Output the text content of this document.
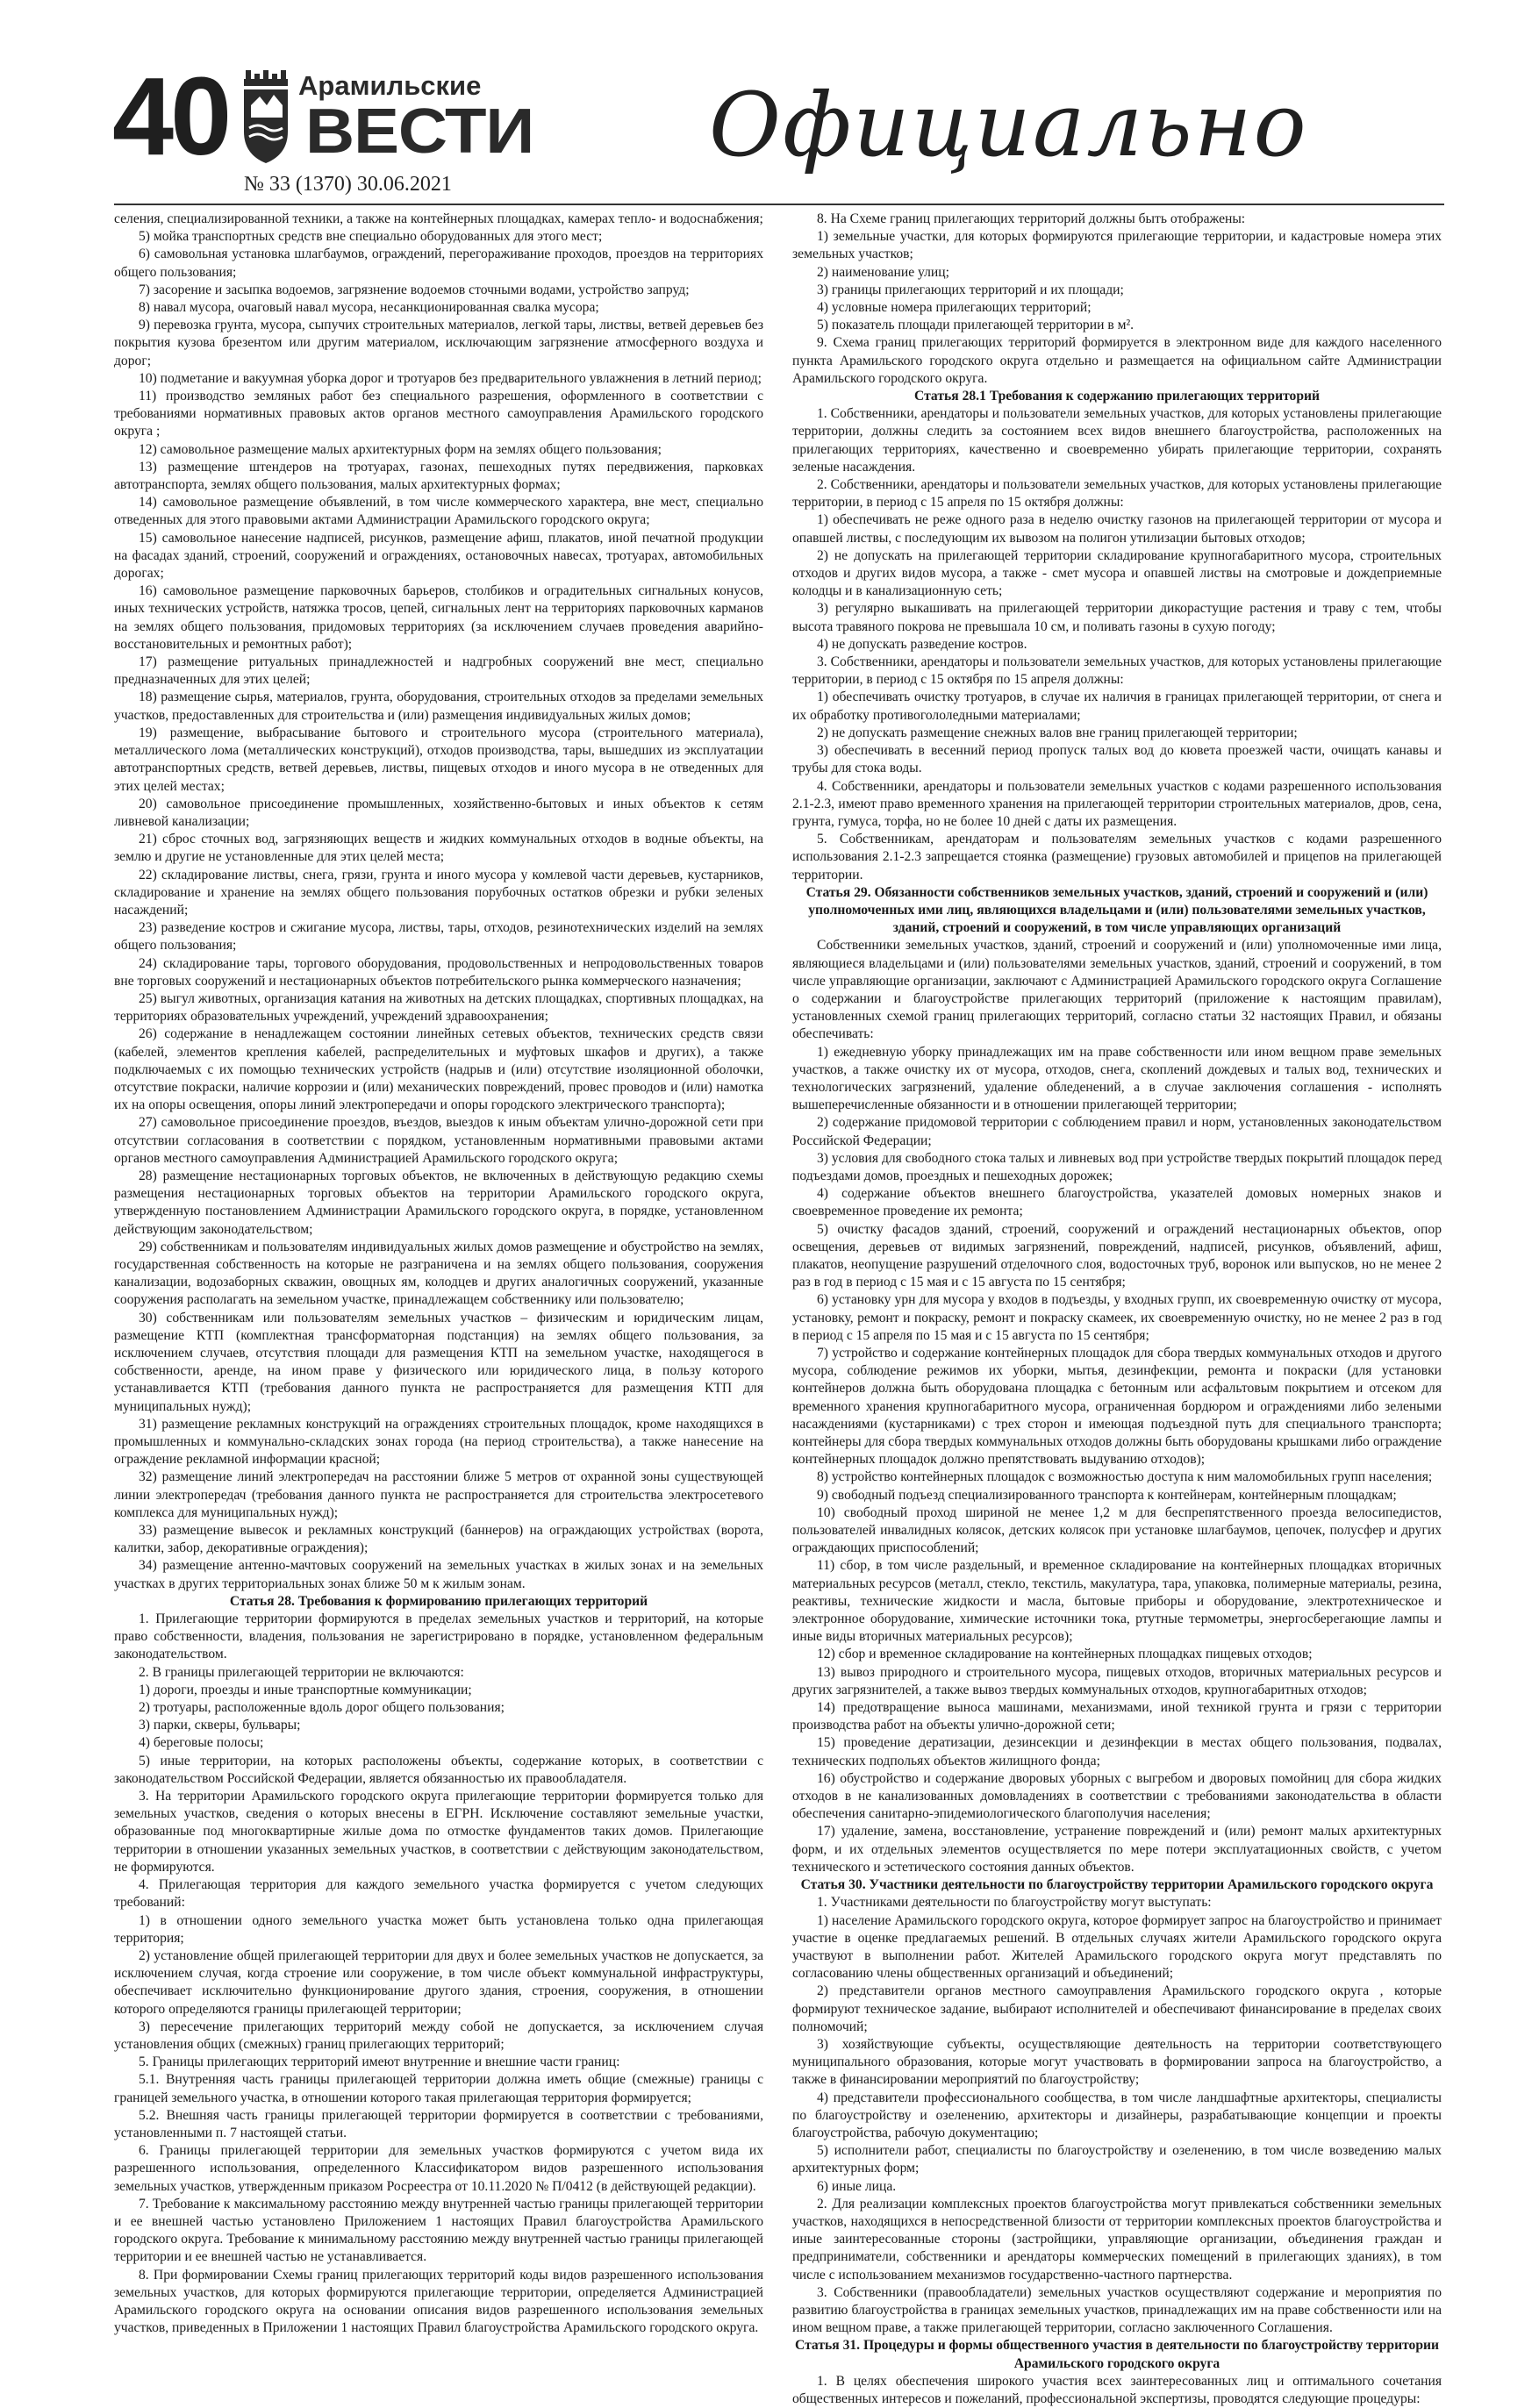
40	Арамильские
ВЕСТИ
№ 33 (1370) 30.06.2021
Официально

селения, специализированной техники, а также на контейнерных площадках, камерах тепло- и водоснабжения;

5) мойка транспортных средств вне специально оборудованных для этого мест;

6) самовольная установка шлагбаумов, ограждений, перегораживание проходов, проездов на территориях общего пользования;

7) засорение и засыпка водоемов, загрязнение водоемов сточными водами, устройство запруд;

8) навал мусора, очаговый навал мусора, несанкционированная свалка мусора;

9) перевозка грунта, мусора, сыпучих строительных материалов, легкой тары, листвы, ветвей деревьев без покрытия кузова брезентом или другим материалом, исключающим загрязнение атмосферного воздуха и дорог;

10) подметание и вакуумная уборка дорог и тротуаров без предварительного увлажнения в летний период;

11) производство земляных работ без специального разрешения, оформленного в соответствии с требованиями нормативных правовых актов органов местного самоуправления Арамильского городского округа ;

12) самовольное размещение малых архитектурных форм на землях общего пользования;

13) размещение штендеров на тротуарах, газонах, пешеходных путях передвижения, парковках автотранспорта, землях общего пользования, малых архитектурных формах;

14) самовольное размещение объявлений, в том числе коммерческого характера, вне мест, специально отведенных для этого правовыми актами Администрации Арамильского городского округа;

15) самовольное нанесение надписей, рисунков, размещение афиш, плакатов, иной печатной продукции на фасадах зданий, строений, сооружений и ограждениях, остановочных навесах, тротуарах, автомобильных дорогах;

16) самовольное размещение парковочных барьеров, столбиков и оградительных сигнальных конусов, иных технических устройств, натяжка тросов, цепей, сигнальных лент на территориях парковочных карманов на землях общего пользования, придомовых территориях (за исключением случаев проведения аварийно-восстановительных и ремонтных работ);

17) размещение ритуальных принадлежностей и надгробных сооружений вне мест, специально предназначенных для этих целей;

18) размещение сырья, материалов, грунта, оборудования, строительных отходов за пределами земельных участков, предоставленных для строительства и (или) размещения индивидуальных жилых домов;

19) размещение, выбрасывание бытового и строительного мусора (строительного материала), металлического лома (металлических конструкций), отходов производства, тары, вышедших из эксплуатации автотранспортных средств, ветвей деревьев, листвы, пищевых отходов и иного мусора в не отведенных для этих целей местах;

20) самовольное присоединение промышленных, хозяйственно-бытовых и иных объектов к сетям ливневой канализации;

21) сброс сточных вод, загрязняющих веществ и жидких коммунальных отходов в водные объекты, на землю и другие не установленные для этих целей места;

22) складирование листвы, снега, грязи, грунта и иного мусора у комлевой части деревьев, кустарников, складирование и хранение на землях общего пользования порубочных остатков обрезки и рубки зеленых насаждений;

23) разведение костров и сжигание мусора, листвы, тары, отходов, резинотехнических изделий на землях общего пользования;

24) складирование тары, торгового оборудования, продовольственных и непродовольственных товаров вне торговых сооружений и нестационарных объектов потребительского рынка коммерческого назначения;

25) выгул животных, организация катания на животных на детских площадках, спортивных площадках, на территориях образовательных учреждений, учреждений здравоохранения;

26) содержание в ненадлежащем состоянии линейных сетевых объектов, технических средств связи (кабелей, элементов крепления кабелей, распределительных и муфтовых шкафов и других), а также подключаемых с их помощью технических устройств (надрыв и (или) отсутствие изоляционной оболочки, отсутствие покраски, наличие коррозии и (или) механических повреждений, провес проводов и (или) намотка их на опоры освещения, опоры линий электропередачи и опоры городского электрического транспорта);

27) самовольное присоединение проездов, въездов, выездов к иным объектам улично-дорожной сети при отсутствии согласования в соответствии с порядком, установленным нормативными правовыми актами органов местного самоуправления Администрацией Арамильского городского округа;

28) размещение нестационарных торговых объектов, не включенных в действующую редакцию схемы размещения нестационарных торговых объектов на территории Арамильского городского округа, утвержденную постановлением Администрации Арамильского городского округа, в порядке, установленном действующим законодательством;

29) собственникам и пользователям индивидуальных жилых домов размещение и обустройство на землях, государственная собственность на которые не разграничена и на землях общего пользования, сооружения канализации, водозаборных скважин, овощных ям, колодцев и других аналогичных сооружений, указанные сооружения располагать на земельном участке, принадлежащем собственнику или пользователю;

30) собственникам или пользователям земельных участков – физическим и юридическим лицам, размещение КТП (комплектная трансформаторная подстанция) на землях общего пользования, за исключением случаев, отсутствия площади для размещения КТП на земельном участке, находящегося в собственности, аренде, на ином праве у физического или юридического лица, в пользу которого устанавливается КТП (требования данного пункта не распространяется для размещения КТП для муниципальных нужд);

31) размещение рекламных конструкций на ограждениях строительных площадок, кроме находящихся в промышленных и коммунально-складских зонах города (на период строительства), а также нанесение на ограждение рекламной информации красной;

32) размещение линий электропередач на расстоянии ближе 5 метров от охранной зоны существующей линии электропередач (требования данного пункта не распространяется для строительства электросетевого комплекса для муниципальных нужд);

33) размещение вывесок и рекламных конструкций (баннеров) на ограждающих устройствах (ворота, калитки, забор, декоративные ограждения);

34) размещение антенно-мачтовых сооружений на земельных участках в жилых зонах и на земельных участках в других территориальных зонах ближе 50 м к жилым зонам.

Статья 28. Требования к формированию прилегающих территорий

1. Прилегающие территории формируются в пределах земельных участков и территорий, на которые право собственности, владения, пользования не зарегистрировано в порядке, установленном федеральным законодательством.

2. В границы прилегающей территории не включаются:

1) дороги, проезды и иные транспортные коммуникации;

2) тротуары, расположенные вдоль дорог общего пользования;

3) парки, скверы, бульвары;

4) береговые полосы;

5) иные территории, на которых расположены объекты, содержание которых, в соответствии с законодательством Российской Федерации, является обязанностью их правообладателя.

3. На территории Арамильского городского округа прилегающие территории формируется только для земельных участков, сведения о которых внесены в ЕГРН. Исключение составляют земельные участки, образованные под многоквартирные жилые дома по отмостке фундаментов таких домов. Прилегающие территории в отношении указанных земельных участков, в соответствии с действующим законодательством, не формируются.

4. Прилегающая территория для каждого земельного участка формируется с учетом следующих требований:

1) в отношении одного земельного участка может быть установлена только одна прилегающая территория;

2) установление общей прилегающей территории для двух и более земельных участков не допускается, за исключением случая, когда строение или сооружение, в том числе объект коммунальной инфраструктуры, обеспечивает исключительно функционирование другого здания, строения, сооружения, в отношении которого определяются границы прилегающей территории;

3) пересечение прилегающих территорий между собой не допускается, за исключением случая установления общих (смежных) границ прилегающих территорий;

5. Границы прилегающих территорий имеют внутренние и внешние части границ:

5.1. Внутренняя часть границы прилегающей территории должна иметь общие (смежные) границы с границей земельного участка, в отношении которого такая прилегающая территория формируется;

5.2. Внешняя часть границы прилегающей территории формируется в соответствии с требованиями, установленными п. 7 настоящей статьи.

6. Границы прилегающей территории для земельных участков формируются с учетом вида их разрешенного использования, определенного Классификатором видов разрешенного использования земельных участков, утвержденным приказом Росреестра от 10.11.2020 № П/0412 (в действующей редакции).

7. Требование к максимальному расстоянию между внутренней частью границы прилегающей территории и ее внешней частью установлено Приложением 1 настоящих Правил благоустройства Арамильского городского округа. Требование к минимальному расстоянию между внутренней частью границы прилегающей территории и ее внешней частью не устанавливается.

8. При формировании Схемы границ прилегающих территорий коды видов разрешенного использования земельных участков, для которых формируются прилегающие территории, определяется Администрацией Арамильского городского округа на основании описания видов разрешенного использования земельных участков, приведенных в Приложении 1 настоящих Правил благоустройства Арамильского городского округа.

8. На Схеме границ прилегающих территорий должны быть отображены:

1) земельные участки, для которых формируются прилегающие территории, и кадастровые номера этих земельных участков;

2) наименование улиц;

3) границы прилегающих территорий и их площади;

4) условные номера прилегающих территорий;

5) показатель площади прилегающей территории в м².

9. Схема границ прилегающих территорий формируется в электронном виде для каждого населенного пункта Арамильского городского округа отдельно и размещается на официальном сайте Администрации Арамильского городского округа.

Статья 28.1 Требования к содержанию прилегающих территорий

1. Собственники, арендаторы и пользователи земельных участков, для которых установлены прилегающие территории, должны следить за состоянием всех видов внешнего благоустройства, расположенных на прилегающих территориях, качественно и своевременно убирать прилегающие территории, сохранять зеленые насаждения.

2. Собственники, арендаторы и пользователи земельных участков, для которых установлены прилегающие территории, в период с 15 апреля по 15 октября должны:

1) обеспечивать не реже одного раза в неделю очистку газонов на прилегающей территории от мусора и опавшей листвы, с последующим их вывозом на полигон утилизации бытовых отходов;

2) не допускать на прилегающей территории складирование крупногабаритного мусора, строительных отходов и других видов мусора, а также - смет мусора и опавшей листвы на смотровые и дождеприемные колодцы и в канализационную сеть;

3) регулярно выкашивать на прилегающей территории дикорастущие растения и траву с тем, чтобы высота травяного покрова не превышала 10 см, и поливать газоны в сухую погоду;

4) не допускать разведение костров.

3. Собственники, арендаторы и пользователи земельных участков, для которых установлены прилегающие территории, в период с 15 октября по 15 апреля должны:

1) обеспечивать очистку тротуаров, в случае их наличия в границах прилегающей территории, от снега и их обработку противогололедными материалами;

2) не допускать размещение снежных валов вне границ прилегающей территории;

3) обеспечивать в весенний период пропуск талых вод до кювета проезжей части, очищать канавы и трубы для стока воды.

4. Собственники, арендаторы и пользователи земельных участков с кодами разрешенного использования 2.1-2.3, имеют право временного хранения на прилегающей территории строительных материалов, дров, сена, грунта, гумуса, торфа, но не более 10 дней с даты их размещения.

5. Собственникам, арендаторам и пользователям земельных участков с кодами разрешенного использования 2.1-2.3 запрещается стоянка (размещение) грузовых автомобилей и прицепов на прилегающей территории.

Статья 29. Обязанности собственников земельных участков, зданий, строений и сооружений и (или) уполномоченных ими лиц, являющихся владельцами и (или) пользователями земельных участков, зданий, строений и сооружений, в том числе управляющих организаций

Собственники земельных участков, зданий, строений и сооружений и (или) уполномоченные ими лица, являющиеся владельцами и (или) пользователями земельных участков, зданий, строений и сооружений, в том числе управляющие организации, заключают с Администрацией Арамильского городского округа Соглашение о содержании и благоустройстве прилегающих территорий (приложение к настоящим правилам), установленных схемой границ прилегающих территорий, согласно статьи 32 настоящих Правил, и обязаны обеспечивать:

1) ежедневную уборку принадлежащих им на праве собственности или ином вещном праве земельных участков, а также очистку их от мусора, отходов, снега, скоплений дождевых и талых вод, технических и технологических загрязнений, удаление обледенений, а в случае заключения соглашения - исполнять вышеперечисленные обязанности и в отношении прилегающей территории;

2) содержание придомовой территории с соблюдением правил и норм, установленных законодательством Российской Федерации;

3) условия для свободного стока талых и ливневых вод при устройстве твердых покрытий площадок перед подъездами домов, проездных и пешеходных дорожек;

4) содержание объектов внешнего благоустройства, указателей домовых номерных знаков и своевременное проведение их ремонта;

5) очистку фасадов зданий, строений, сооружений и ограждений нестационарных объектов, опор освещения, деревьев от видимых загрязнений, повреждений, надписей, рисунков, объявлений, афиш, плакатов, неопущение разрушений отделочного слоя, водосточных труб, воронок или выпусков, но не менее 2 раз в год в период с 15 мая и с 15 августа по 15 сентября;

6) установку урн для мусора у входов в подъезды, у входных групп, их своевременную очистку от мусора, установку, ремонт и покраску, ремонт и покраску скамеек, их своевременную очистку, но не менее 2 раз в год в период с 15 апреля по 15 мая и с 15 августа по 15 сентября;

7) устройство и содержание контейнерных площадок для сбора твердых коммунальных отходов и другого мусора, соблюдение режимов их уборки, мытья, дезинфекции, ремонта и покраски (для установки контейнеров должна быть оборудована площадка с бетонным или асфальтовым покрытием и отсеком для временного хранения крупногабаритного мусора, ограниченная бордюром и ограждениями либо зелеными насаждениями (кустарниками) с трех сторон и имеющая подъездной путь для специального транспорта; контейнеры для сбора твердых коммунальных отходов должны быть оборудованы крышками либо ограждение контейнерных площадок должно препятствовать выдуванию отходов);

8) устройство контейнерных площадок с возможностью доступа к ним маломобильных групп населения;

9) свободный подъезд специализированного транспорта к контейнерам, контейнерным площадкам;

10) свободный проход шириной не менее 1,2 м для беспрепятственного проезда велосипедистов, пользователей инвалидных колясок, детских колясок при установке шлагбаумов, цепочек, полусфер и других ограждающих приспособлений;

11) сбор, в том числе раздельный, и временное складирование на контейнерных площадках вторичных материальных ресурсов (металл, стекло, текстиль, макулатура, тара, упаковка, полимерные материалы, резина, реактивы, технические жидкости и масла, бытовые приборы и оборудование, электротехническое и электронное оборудование, химические источники тока, ртутные термометры, энергосберегающие лампы и иные виды вторичных материальных ресурсов);

12) сбор и временное складирование на контейнерных площадках пищевых отходов;

13) вывоз природного и строительного мусора, пищевых отходов, вторичных материальных ресурсов и других загрязнителей, а также вывоз твердых коммунальных отходов, крупногабаритных отходов;

14) предотвращение выноса машинами, механизмами, иной техникой грунта и грязи с территории производства работ на объекты улично-дорожной сети;

15) проведение дератизации, дезинсекции и дезинфекции в местах общего пользования, подвалах, технических подпольях объектов жилищного фонда;

16) обустройство и содержание дворовых уборных с выгребом и дворовых помойниц для сбора жидких отходов в не канализованных домовладениях в соответствии с требованиями законодательства в области обеспечения санитарно-эпидемиологического благополучия населения;

17) удаление, замена, восстановление, устранение повреждений и (или) ремонт малых архитектурных форм, и их отдельных элементов осуществляется по мере потери эксплуатационных свойств, с учетом технического и эстетического состояния данных объектов.

Статья 30. Участники деятельности по благоустройству территории Арамильского городского округа

1. Участниками деятельности по благоустройству могут выступать:

1) население Арамильского городского округа, которое формирует запрос на благоустройство и принимает участие в оценке предлагаемых решений. В отдельных случаях жители Арамильского городского округа участвуют в выполнении работ. Жителей Арамильского городского округа могут представлять по согласованию члены общественных организаций и объединений;

2) представители органов местного самоуправления Арамильского городского округа , которые формируют техническое задание, выбирают исполнителей и обеспечивают финансирование в пределах своих полномочий;

3) хозяйствующие субъекты, осуществляющие деятельность на территории соответствующего муниципального образования, которые могут участвовать в формировании запроса на благоустройство, а также в финансировании мероприятий по благоустройству;

4) представители профессионального сообщества, в том числе ландшафтные архитекторы, специалисты по благоустройству и озеленению, архитекторы и дизайнеры, разрабатывающие концепции и проекты благоустройства, рабочую документацию;

5) исполнители работ, специалисты по благоустройству и озеленению, в том числе возведению малых архитектурных форм;

6) иные лица.

2. Для реализации комплексных проектов благоустройства могут привлекаться собственники земельных участков, находящихся в непосредственной близости от территории комплексных проектов благоустройства и иные заинтересованные стороны (застройщики, управляющие организации, объединения граждан и предприниматели, собственники и арендаторы коммерческих помещений в прилегающих зданиях), в том числе с использованием механизмов государственно-частного партнерства.

3. Собственники (правообладатели) земельных участков осуществляют содержание и мероприятия по развитию благоустройства в границах земельных участков, принадлежащих им на праве собственности или на ином вещном праве, а также прилегающей территории, согласно заключенного Соглашения.

Статья 31. Процедуры и формы общественного участия в деятельности по благоустройству территории Арамильского городского округа

1. В целях обеспечения широкого участия всех заинтересованных лиц и оптимального сочетания общественных интересов и пожеланий, профессиональной экспертизы, проводятся следующие процедуры:
